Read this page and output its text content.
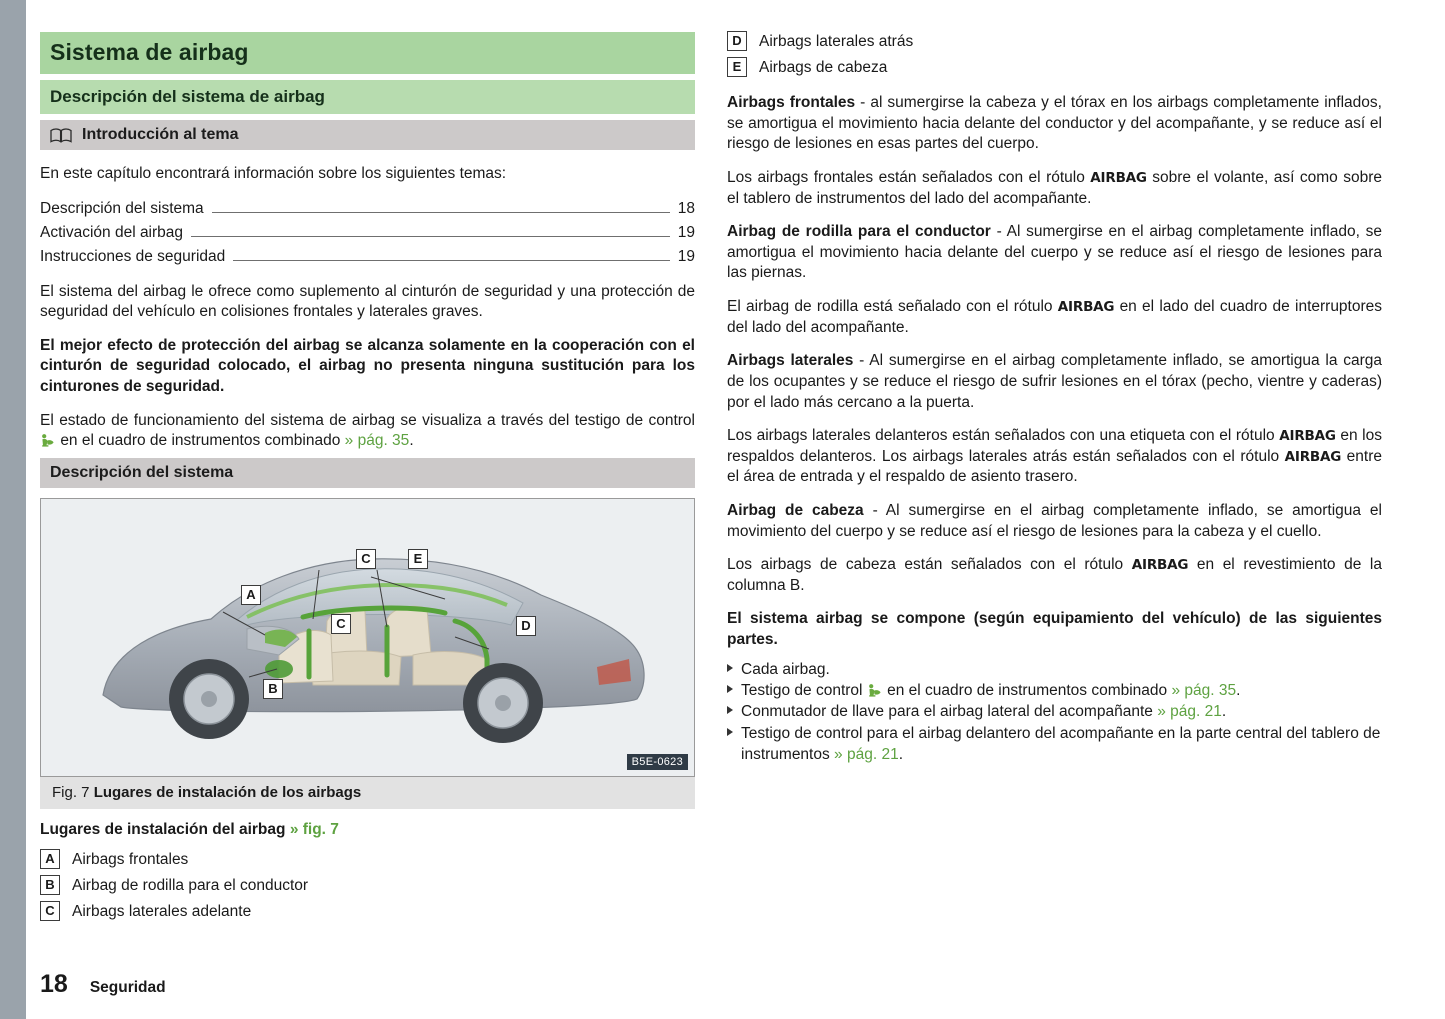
Sistema de airbag
Descripción del sistema de airbag
Introducción al tema
En este capítulo encontrará información sobre los siguientes temas:
Descripción del sistema	18
Activación del airbag	19
Instrucciones de seguridad	19
El sistema del airbag le ofrece como suplemento al cinturón de seguridad y una protección de seguridad del vehículo en colisiones frontales y laterales graves.
El mejor efecto de protección del airbag se alcanza solamente en la cooperación con el cinturón de seguridad colocado, el airbag no presenta ninguna sustitución para los cinturones de seguridad.
El estado de funcionamiento del sistema de airbag se visualiza a través del testigo de control  en el cuadro de instrumentos combinado » pág. 35.
Descripción del sistema
A
B
C
C	D
E
B5E-0623
Fig. 7 Lugares de instalación de los airbags
Lugares de instalación del airbag » fig. 7
A	Airbags frontales
B	Airbag de rodilla para el conductor
C	Airbags laterales adelante
D	Airbags laterales atrás
E	Airbags de cabeza
Airbags frontales - al sumergirse la cabeza y el tórax en los airbags completamente inflados, se amortigua el movimiento hacia delante del conductor y del acompañante, y se reduce así el riesgo de lesiones en esas partes del cuerpo.
Los airbags frontales están señalados con el rótulo AIRBAG sobre el volante, así como sobre el tablero de instrumentos del lado del acompañante.
Airbag de rodilla para el conductor - Al sumergirse en el airbag completamente inflado, se amortigua el movimiento hacia delante del cuerpo y se reduce así el riesgo de lesiones para las piernas.
El airbag de rodilla está señalado con el rótulo AIRBAG en el lado del cuadro de interruptores del lado del acompañante.
Airbags laterales - Al sumergirse en el airbag completamente inflado, se amortigua la carga de los ocupantes y se reduce el riesgo de sufrir lesiones en el tórax (pecho, vientre y caderas) por el lado más cercano a la puerta.
Los airbags laterales delanteros están señalados con una etiqueta con el rótulo AIRBAG en los respaldos delanteros. Los airbags laterales atrás están señalados con el rótulo AIRBAG entre el área de entrada y el respaldo de asiento trasero.
Airbag de cabeza - Al sumergirse en el airbag completamente inflado, se amortigua el movimiento del cuerpo y se reduce así el riesgo de lesiones para la cabeza y el cuello.
Los airbags de cabeza están señalados con el rótulo AIRBAG en el revestimiento de la columna B.
El sistema airbag se compone (según equipamiento del vehículo) de las siguientes partes.
Cada airbag.
Testigo de control en el cuadro de instrumentos combinado » pág. 35.
Conmutador de llave para el airbag lateral del acompañante » pág. 21.
Testigo de control para el airbag delantero del acompañante en la parte central del tablero de instrumentos » pág. 21.
18 Seguridad
